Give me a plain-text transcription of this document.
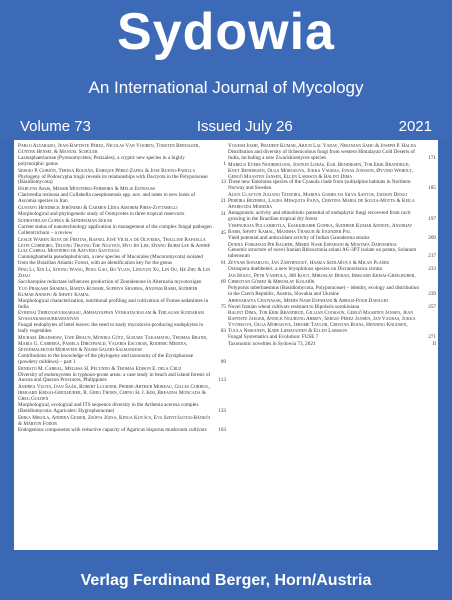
Sydowia
An International Journal of Mycology
Volume 73	Issued July 26	2021
Pablo Alvarado, Jean-Baptiste Pérez, Nicolas Van Vooren, Torsten Bernauer, Günter Hensel & Manuel Schüler
Lasiosphaeriaceae (Pyrenomycetes; Pezizales), a cryptic new species in a highly polymorphic genus	1
Sergio P. Gorjón, Teresa Roldán, Enrique Pérez-Zafra & Jose Bueno-Padilla
Phylogeny of Podoscypha trogii reveals its relationships with Dacryota in the Polyporaceae (Basidiomycota)	13
Harlyns Assis, Messir Monteiro-Ferreira & Melis Estrauss
Clarireedia resinosa and Collabella caespitosensis spp. nov. and notes to new hosts of Ascomia species in Iran	21
Gustavo Hendrick Jerônimo & Carmen Lídia Amorim Pires-Zottarelli
Morphological and phylogenetic study of Oomycetes in three tropical reservoirs	31
Sudhathilan Gopika & Sendhaman Sekar
Current status of nanotechnology application in management of the complex fungal pathogen Colletotrichum – a review	45
Leslie Waren Silva de Freitas, Rafael José Vilela de Oliveira, Thalline Rafaella Leite Cordeiro, Truong Truong The Nguyen, Hyo Jin Lim, Hyang Burm Lee & André Luiz Cabral Monteiro de Azevedo Santiago
Cunninghamella pseudophobicum, a new species of Mucorales (Mucoromycota) isolated from the Brazilian Atlantic Forest, with an identification key for the genus	61
Ping Li, Xin Li, Sitong Wang, Peng Gao, Bo Yuan, Lingyun Xu, Lin Ou, He Zhu & Lin Zhao
Saccharopine reductase influences production of Zearalenone in Alternaria mycotoxigen	69
Yuo Prakash Sharma, Babita Kumari, Supriya Sharma, Anupam Barh, Sudheer Kumar Annepu & Shwet Kamal
Morphological characterization, nutritional profiling and cultivation of Fomes sedanimes in India	75
Eyrenai Thirunavukkarasu, Ammaiyappan Venkatachalam & Thilagar Sundaram Sivasankarasubramaniyan
Fungal endophytes of betel leaves: the need to study mycotoxin-producing endophytes in leafy vegetables	83
Michael Bradshaw, Uwe Braun, Monika Götz, Susumu Takamatsu, Thomas Brand, María G. Cabrera, Pamela Dirchwald, Valeria Escobar, Roderic Medina, Seyedmalektoh Moravedi & Nasim Salehi-Salmanifar
Contributions to the knowledge of the phylogeny and taxonomy of the Erysiphaceae (powdery mildews) – part 1	89
Ernesto M. Cabral, Melissa H. Pecundo & Thomas Edison E. dela Cruz
Diversity of endomycetes in typhoon-prone areas: a case study in beach and island forests of Aurora and Quezon Provinces, Philippines	113
Andrea Vuota, Ivan Šaák, Robert Luckner, Pierre-Arthur Moreau, Gilles Corriol, Irmgard Krisai-Greilhuber, R. Greg Thorn, Cheng H. J. Kim, Breanna Moncada & Greg Gulden
Morphological, ecological and ITS sequence diversity in the Arrhenia acerosa complex (Basidiomycota: Agaricales: Hygrophoraceae)	133
Erika Mikola, Andrea Geiser, Zsófia Józsa, Kinga Kovács, Eva Szentágotai-Bánkói & Márton Fodor
Endogenous components with reductive capacity of Agaricus bisporus mushroom cultivars 163
Yogesh Joshi, Pradeep Kumar, Arjun Lal Yadav, Niranjan Sahu & Joseph P. Halda
Distribution and diversity of lichenicolous fungi from western Himalayan Cold Deserts of India, including a new Zwackhiomyces species	171
Markus Evers Noordeloos, Jostein Lorås, Egil Bendiksen, Tor Erik Brandrud, Knut Bendiksen, Olga Morozova, Jukka Vauras, Jonas Jonsson, Øyvind Weholt, Gergő Maasten Jansen, Ellen Larsson & Balint Dima
Three new Entoloma species of the Cyanula clade from (sub)alpine habitats in Northern Norway and Sweden	185
Alice Clayton Juliano Teixeira, Marina Gomes da Silva Santos, Jadson Diogo Pereira Bezerra, Laura Mesquita Paiva, Cristina Maria de Souza-Motta & Keila Aparecida Moreira
Antagonistic activity and ethnobiotic potential of endophytic fungi recovered from cacti growing in the Brazilian tropical dry forest	197
Vishnuraja Pullabhotla, Esakkirabhi Gopika, Sudheer Kumar Annepu, Anubhav Barh, Shwet Kamal, Manisha Thakur & Joginder Pal
Yield potential and antioxidant activity of Indian Ganoderma strains	209
Donna Forghani Pir Bagher, Mehdi Nasr Esfahani & Mostafa Darvishnia
Genomic structure of novel Iranian Rhizoctonia solani AG-3PT isolate on potato, Solanum tuberosum	217
Zeynab Sonarloo, Jan Zárybnický, Hamza Sedlářová & Milan Plášek
Octospora doebbeleri, a new bryophilous species on Dicranorissica cirrata	233
Jan Holec, Petr Vampola, Jiří Kout, Miroslav Beran, Irmgard Krisai-Greilhuber, Christian Gómez & Miroslav Kolařík
Polyporus tuberbaesmus (Basidiomycota, Polyporaceae) – identity, ecology and distribution in the Czech Republic, Austria, Slovakia and Ukraine	239
Abhisaraiya Chaiyasak, Mehdi Nasr Esfahani & Abbasi-Pour Dabaghi
Novel Iranian wheat cultivars resistant to Bipolaris sorokiniana	257
Balint Dima, Tor Erik Brandrud, Gillian Cookson, Gergő Maarten Jansen, Jean Baptiste Jaeger, Annick Ngurung Arriey, Sergio Pérez Jansen, Jan Vauras, Jukka Yvonkova, Olga Morozova, Jerome Taylor, Cristian Rojas, Henning Knudsen, Tuula Niskanen, Kare Liimatainen & Ellen Larsson
Fungal Systematics and Evolution: FUSE 7	271
Taxonomic novelties in Sydowia 73, 2021	II
Verlag Ferdinand Berger, Horn/Austria
